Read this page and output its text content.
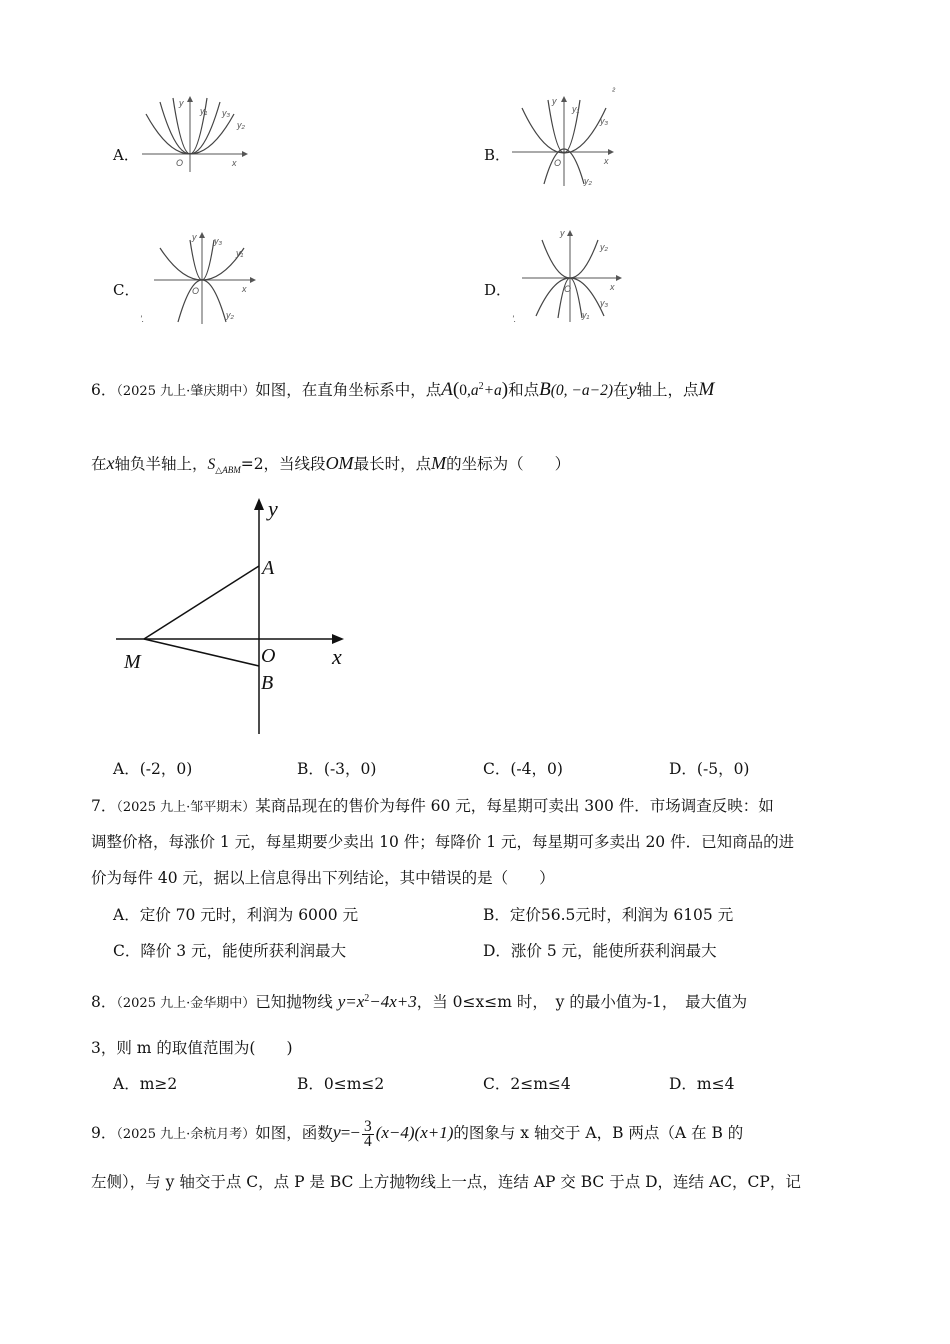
A．
y
y₁ y₃
y₂
O	x	B．
y
y₁
y₃
y₂
O	x
²
C．
y y₃
y₁
y₂
O	x
'.
D．
y
y₂
y₁
y₃
O	x
'.
6．（2025 九上·肇庆期中）如图，在直角坐标系中，点$A(0,a^2+a)$和点B(0, −a−2)在y轴上，点M
在x轴负半轴上，$S_{\triangle ABM}=2$，当线段OM最长时，点M的坐标为（　　）
y
x
A
O
B
M
A．(-2，0)	B．(-3，0)	C．(-4，0)	D．(-5，0)
7．（2025 九上·邹平期末）某商品现在的售价为每件 60 元，每星期可卖出 300 件．市场调查反映：如
调整价格，每涨价 1 元，每星期要少卖出 10 件；每降价 1 元，每星期可多卖出 20 件．已知商品的进
价为每件 40 元，据以上信息得出下列结论，其中错误的是（　　）
A．定价 70 元时，利润为 6000 元	B．定价56.5元时，利润为 6105 元
C．降价 3 元，能使所获利润最大	D．涨价 5 元，能使所获利润最大
8．（2025 九上·金华期中）已知抛物线 $y=x^2-4x+3$，当 0≤x≤m 时，　y 的最小值为-1，　最大值为
3，则 m 的取值范围为(　　)
A．m≥2	B．0≤m≤2	C．2≤m≤4	D．m≤4
9．（2025 九上·余杭月考）如图，函数$y=- \frac{3}{4} (x-4)(x+1)$的图象与 x 轴交于 A，B 两点（A 在 B 的
左侧），与 y 轴交于点 C，点 P 是 BC 上方抛物线上一点，连结 AP 交 BC 于点 D，连结 AC，CP，记
